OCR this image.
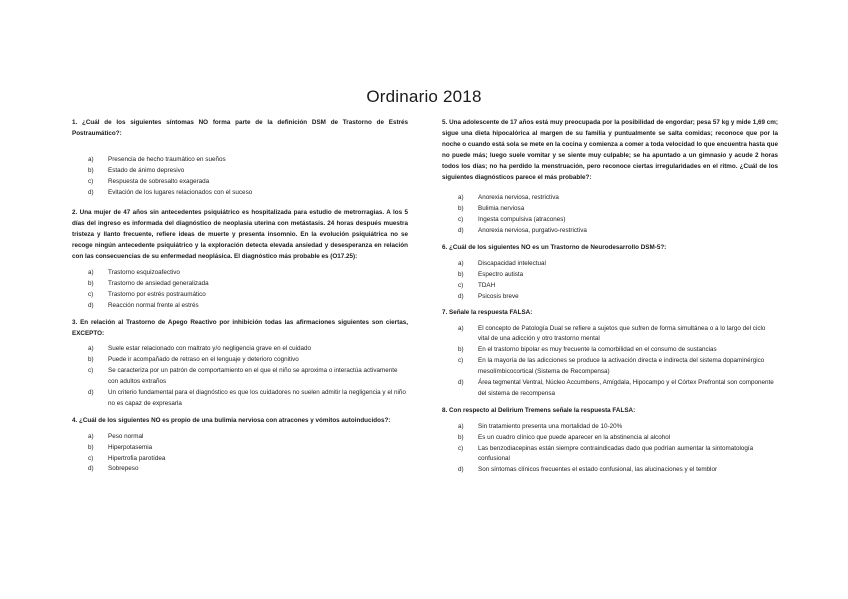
Ordinario 2018

1. ¿Cuál de los siguientes síntomas NO forma parte de la definición DSM de Trastorno de Estrés Postraumático?:

a)	Presencia de hecho traumático en sueños
b)	Estado de ánimo depresivo
c)	Respuesta de sobresalto exagerada
d)	Evitación de los lugares relacionados con el suceso

2. Una mujer de 47 años sin antecedentes psiquiátrico es hospitalizada para estudio de metrorragias. A los 5 días del ingreso es informada del diagnóstico de neoplasia uterina con metástasis. 24 horas después muestra tristeza y llanto frecuente, refiere ideas de muerte y presenta insomnio. En la evolución psiquiátrica no se recoge ningún antecedente psiquiátrico y la exploración detecta elevada ansiedad y desesperanza en relación con las consecuencias de su enfermedad neoplásica. El diagnóstico más probable es (O17.25):

a)	Trastorno esquizoafectivo
b)	Trastorno de ansiedad generalizada
c)	Trastorno por estrés postraumático
d)	Reacción normal frente al estrés

3. En relación al Trastorno de Apego Reactivo por inhibición todas las afirmaciones siguientes son ciertas, EXCEPTO:

a)	Suele estar relacionado con maltrato y/o negligencia grave en el cuidado
b)	Puede ir acompañado de retraso en el lenguaje y deterioro cognitivo
c)	Se caracteriza por un patrón de comportamiento en el que el niño se aproxima o interactúa activamente con adultos extraños
d)	Un criterio fundamental para el diagnóstico es que los cuidadores no suelen admitir la negligencia y el niño no es capaz de expresarla

4. ¿Cuál de los siguientes NO es propio de una bulimia nerviosa con atracones y vómitos autoinducidos?:

a)	Peso normal
b)	Hiperpotasemia
c)	Hipertrofia parotídea
d)	Sobrepeso

5. Una adolescente de 17 años está muy preocupada por la posibilidad de engordar; pesa 57 kg y mide 1,69 cm; sigue una dieta hipocalórica al margen de su familia y puntualmente se salta comidas; reconoce que por la noche o cuando está sola se mete en la cocina y comienza a comer a toda velocidad lo que encuentra hasta que no puede más; luego suele vomitar y se siente muy culpable; se ha apuntado a un gimnasio y acude 2 horas todos los días; no ha perdido la menstruación, pero reconoce ciertas irregularidades en el ritmo. ¿Cuál de los siguientes diagnósticos parece el más probable?:

a)	Anorexia nerviosa, restrictiva
b)	Bulimia nerviosa
c)	Ingesta compulsiva (atracones)
d)	Anorexia nerviosa, purgativo-restrictiva

6. ¿Cuál de los siguientes NO es un Trastorno de Neurodesarrollo DSM-5?:

a)	Discapacidad intelectual
b)	Espectro autista
c)	TDAH
d)	Psicosis breve

7. Señale la respuesta FALSA:

a)	El concepto de Patología Dual se refiere a sujetos que sufren de forma simultánea o a lo largo del ciclo vital de una adicción y otro trastorno mental
b)	En el trastorno bipolar es muy frecuente la comorbilidad en el consumo de sustancias
c)	En la mayoría de las adicciones se produce la activación directa e indirecta del sistema dopaminérgico mesolímbicocortical (Sistema de Recompensa)
d)	Área tegmental Ventral, Núcleo Accumbens, Amígdala, Hipocampo y el Córtex Prefrontal son componente del sistema de recompensa

8. Con respecto al Delirium Tremens señale la respuesta FALSA:

a)	Sin tratamiento presenta una mortalidad de 10-20%
b)	Es un cuadro clínico que puede aparecer en la abstinencia al alcohol
c)	Las benzodiacepinas están siempre contraindicadas dado que podrían aumentar la sintomatología confusional
d)	Son síntomas clínicos frecuentes el estado confusional, las alucinaciones y el temblor
